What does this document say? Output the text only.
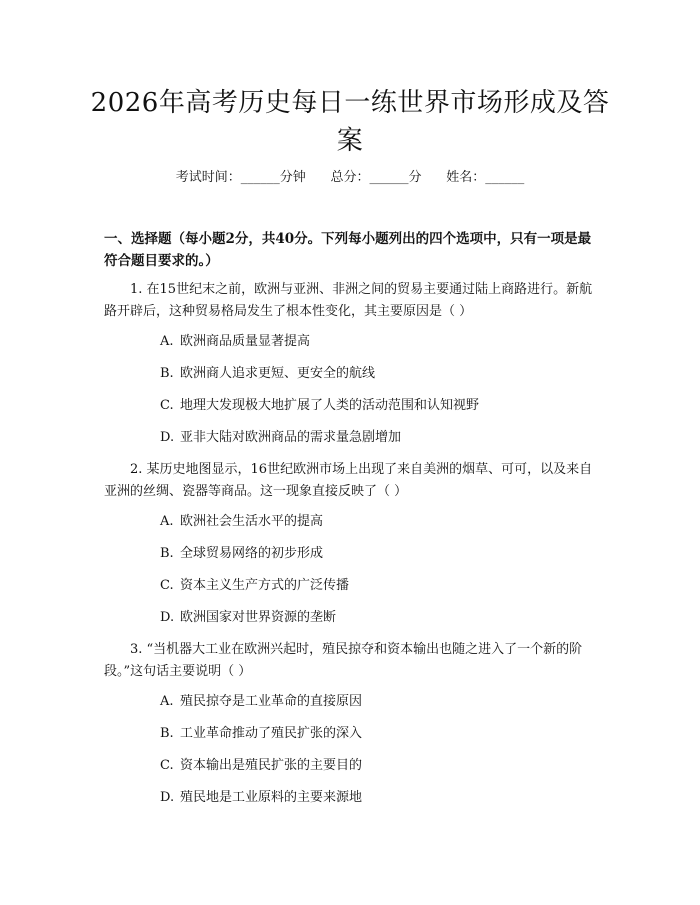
2026年高考历史每日一练世界市场形成及答案
考试时间：______分钟      总分：______分      姓名：______
一、选择题（每小题2分，共40分。下列每小题列出的四个选项中，只有一项是最符合题目要求的。）
1. 在15世纪末之前，欧洲与亚洲、非洲之间的贸易主要通过陆上商路进行。新航路开辟后，这种贸易格局发生了根本性变化，其主要原因是（ ）
A. 欧洲商品质量显著提高
B. 欧洲商人追求更短、更安全的航线
C. 地理大发现极大地扩展了人类的活动范围和认知视野
D. 亚非大陆对欧洲商品的需求量急剧增加
2. 某历史地图显示，16世纪欧洲市场上出现了来自美洲的烟草、可可，以及来自亚洲的丝绸、瓷器等商品。这一现象直接反映了（ ）
A. 欧洲社会生活水平的提高
B. 全球贸易网络的初步形成
C. 资本主义生产方式的广泛传播
D. 欧洲国家对世界资源的垄断
3. “当机器大工业在欧洲兴起时，殖民掠夺和资本输出也随之进入了一个新的阶段。”这句话主要说明（ ）
A. 殖民掠夺是工业革命的直接原因
B. 工业革命推动了殖民扩张的深入
C. 资本输出是殖民扩张的主要目的
D. 殖民地是工业原料的主要来源地
